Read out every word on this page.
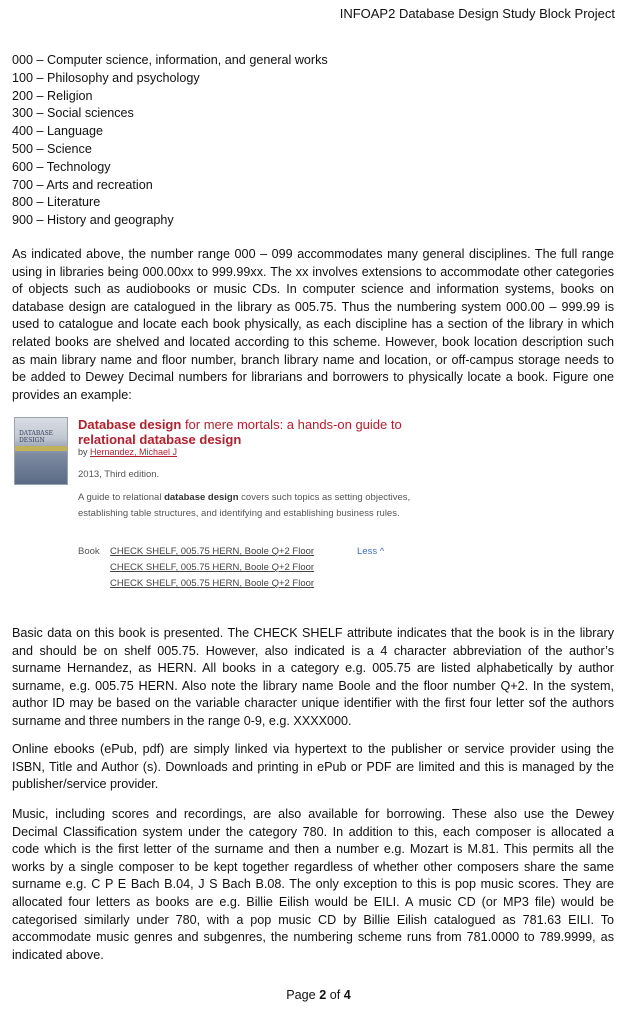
INFOAP2 Database Design Study Block Project
000 – Computer science, information, and general works
100 – Philosophy and psychology
200 – Religion
300 – Social sciences
400 – Language
500 – Science
600 – Technology
700 – Arts and recreation
800 – Literature
900 – History and geography

As indicated above, the number range 000 – 099 accommodates many general disciplines. The full range using in libraries being 000.00xx to 999.99xx. The xx involves extensions to accommodate other categories of objects such as audiobooks or music CDs. In computer science and information systems, books on database design are catalogued in the library as 005.75. Thus the numbering system 000.00 – 999.99 is used to catalogue and locate each book physically, as each discipline has a section of the library in which related books are shelved and located according to this scheme. However, book location description such as main library name and floor number, branch library name and location, or off-campus storage needs to be added to Dewey Decimal numbers for librarians and borrowers to physically locate a book. Figure one provides an example:

DATABASE DESIGN
Database design for mere mortals: a hands-on guide to relational database design
by Hernandez, Michael J
2013, Third edition.
A guide to relational database design covers such topics as setting objectives, establishing table structures, and identifying and establishing business rules.
Book CHECK SHELF, 005.75 HERN, Boole Q+2 Floor
CHECK SHELF, 005.75 HERN, Boole Q+2 Floor
CHECK SHELF, 005.75 HERN, Boole Q+2 Floor
Less ^

Basic data on this book is presented. The CHECK SHELF attribute indicates that the book is in the library and should be on shelf 005.75. However, also indicated is a 4 character abbreviation of the author’s surname Hernandez, as HERN. All books in a category e.g. 005.75 are listed alphabetically by author surname, e.g. 005.75 HERN. Also note the library name Boole and the floor number Q+2. In the system, author ID may be based on the variable character unique identifier with the first four letter sof the authors surname and three numbers in the range 0-9, e.g. XXXX000.

Online ebooks (ePub, pdf) are simply linked via hypertext to the publisher or service provider using the ISBN, Title and Author (s). Downloads and printing in ePub or PDF are limited and this is managed by the publisher/service provider.

Music, including scores and recordings, are also available for borrowing. These also use the Dewey Decimal Classification system under the category 780. In addition to this, each composer is allocated a code which is the first letter of the surname and then a number e.g. Mozart is M.81. This permits all the works by a single composer to be kept together regardless of whether other composers share the same surname e.g. C P E Bach B.04, J S Bach B.08. The only exception to this is pop music scores. They are allocated four letters as books are e.g. Billie Eilish would be EILI. A music CD (or MP3 file) would be categorised similarly under 780, with a pop music CD by Billie Eilish catalogued as 781.63 EILI. To accommodate music genres and subgenres, the numbering scheme runs from 781.0000 to 789.9999, as indicated above.

Page 2 of 4
